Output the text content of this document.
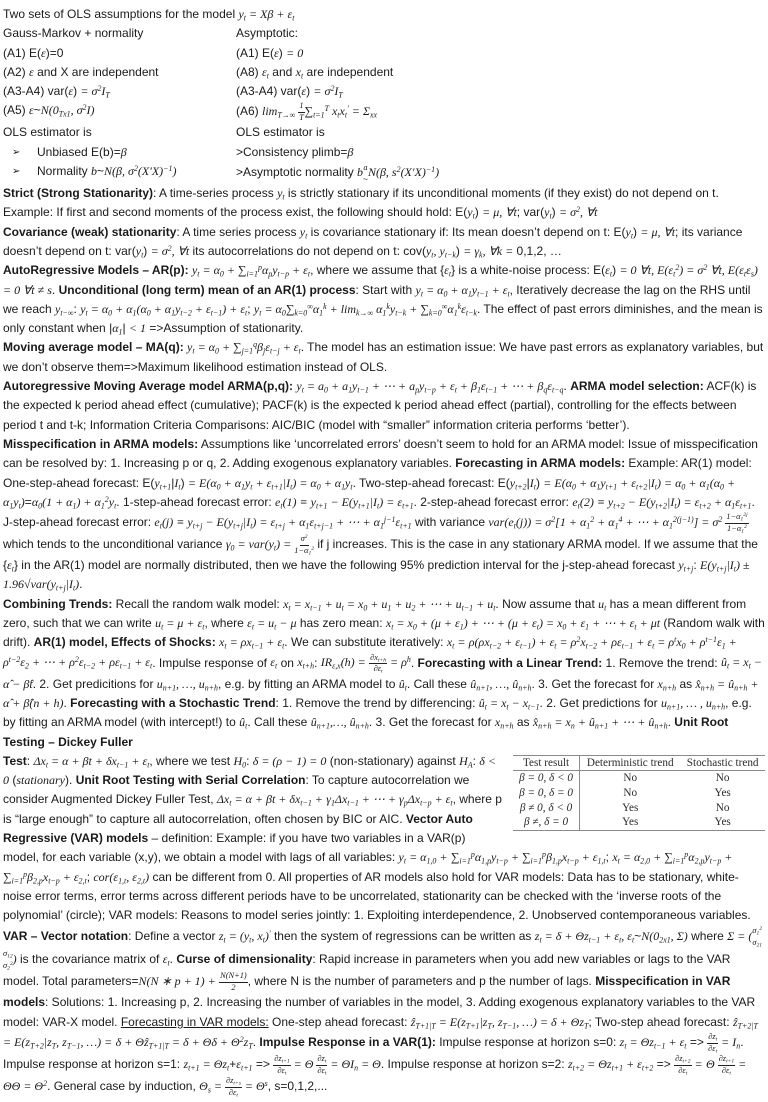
Two sets of OLS assumptions for the model $y_t = X\beta + \varepsilon_t$
Gauss-Markov + normality	Asymptotic:
(A1) E(ε)=0	(A1) E(ε) = 0
(A2) ε and X are independent	(A8) $\varepsilon_t$ and $x_t$ are independent
(A3-A4) $var(\varepsilon) = \sigma^2I_T$	(A3-A4) $var(\varepsilon) = \sigma^2I_T$
(A5) $\varepsilon\sim N(0_{Tx1}$, $\sigma^2I$)	(A6) $\lim_{T\to\infty} \frac{1}{T} \sum_{t=1}^T$ $x_tx_t' = \Sigma_{xx}$
OLS estimator is	OLS estimator is
➢	Unbiased E(b)=β	>Consistency plimb=β
➢	Normality b~N(β, $\sigma^2(X'X)^{-1}$)	>Asymptotic normality b a
~ N(β, $s^2(X'X)^{-1}$)
Strict (Strong Stationarity): A time-series process $y_t$ is strictly stationary if its unconditional moments (if they exist) do not depend on t. Example: If first and second moments of the process exist, the following should hold: $E(y_t) = \mu$, ∀t; $var(y_t) = \sigma^2$, ∀t
Covariance (weak) stationarity: A time series process $y_t$ is covariance stationary if: Its mean doesn’t depend on t: $E(y_t) = \mu$, ∀t; its variance doesn’t depend on t: $var(y_t) = \sigma^2$, ∀t its autocorrelations do not depend on t: $cov(y_t$, $y_{t-k}) = \gamma_k$, ∀k = 0,1,2, …
AutoRegressive Models – AR(p): $y_t = \alpha_0 + \sum_{i=1}^p\alpha_py_{t-p} + \varepsilon_t$, where we assume that $\{\varepsilon_t\}$ is a white-noise process: $E(\varepsilon_t) = 0$ ∀t, $E(\varepsilon_t^2) = \sigma^2$ ∀t, $E(\varepsilon_t\varepsilon_s) = 0$ ∀t ≠ s. Unconditional (long term) mean of an AR(1) process: Start with $y_t = \alpha_0 + \alpha_1y_{t-1} + \varepsilon_t$, Iteratively decrease the lag on the RHS until we reach $y_{t-\infty}$: $y_t = \alpha_0 + \alpha_1(\alpha_0 + \alpha_1y_{t-2} + \varepsilon_{t-1}) + \varepsilon_t$; $y_t = \alpha_0\sum_{k=0}^\infty\alpha_1^k + \lim_{k\to\infty} \alpha_1^ky_{t-k} + \sum_{k=0}^\infty\alpha_1^k\varepsilon_{t-k}$. The effect of past errors diminishes, and the mean is only constant when $|\alpha_1| < 1$ =>Assumption of stationarity.
Moving average model – MA(q): $y_t = \alpha_0 + \sum_{j=1}^q\beta_j\varepsilon_{t-j} + \varepsilon_t$. The model has an estimation issue: We have past errors as explanatory variables, but we don’t observe them=>Maximum likelihood estimation instead of OLS.
Autoregressive Moving Average model ARMA(p,q): $y_t = a_0 + a_1y_{t-1}$ + ⋯ + $a_py_{t-p} + \varepsilon_t + \beta_1\varepsilon_{t-1}$ + ⋯ + $\beta_q\varepsilon_{t-q}$. ARMA model selection: ACF(k) is the expected k period ahead effect (cumulative); PACF(k) is the expected k period ahead effect (partial), controlling for the effects between period t and t-k; Information Criteria Comparisons: AIC/BIC (model with “smaller” information criteria performs ‘better’).
Misspecification in ARMA models: Assumptions like ‘uncorrelated errors’ doesn’t seem to hold for an ARMA model: Issue of misspecification can be resolved by: 1. Increasing p or q, 2. Adding exogenous explanatory variables. Forecasting in ARMA models: Example: AR(1) model: One-step-ahead forecast: $E(y_{t+1}|I_t) = E(\alpha_0 + \alpha_1y_t + \varepsilon_{t+1}|I_t) = \alpha_0 + \alpha_1y_t$. Two-step-ahead forecast: $E(y_{t+2}|I_t) = E(\alpha_0 + \alpha_1y_{t+1} + \varepsilon_{t+2}|I_t) = \alpha_0 + \alpha_1(\alpha_0 + \alpha_1y_t)=\alpha_0(1 + \alpha_1) + \alpha_1^2y_t$. 1-step-ahead forecast error: $e_t(1) \equiv y_{t+1} - E(y_{t+1}|I_t) = \varepsilon_{t+1}$. 2-step-ahead forecast error: $e_t(2) \equiv y_{t+2} - E(y_{t+2}|I_t) = \varepsilon_{t+2} + \alpha_1\varepsilon_{t+1}$. J-step-ahead forecast error: $e_t(j) \equiv y_{t+j} - E(y_{t+j}|I_t) = \varepsilon_{t+j} + \alpha_1\varepsilon_{t+j-1}$ + ⋯ + $\alpha_1^{j-1}\varepsilon_{t+1}$ with variance $var(e_t(j)) = \sigma^2[1 + \alpha_1^2 + \alpha_1^4$ + ⋯ + $\alpha_1^{2(j-1)}] = \sigma^2 \frac{1-\alpha_1^{2j}}{1-\alpha_1^2}$
which tends to the unconditional variance $\gamma_0 = var(y_t) = \frac{\sigma^2}{1-\alpha_1^2}$ if j increases. This is the case in any stationary ARMA model. If we assume that the $\{\varepsilon_t\}$ in the AR(1) model are normally distributed, then we have the following 95% prediction interval for the j-step-ahead forecast $y_{t+j}$: $E(y_{t+j}|I_t) \pm 1.96√var(y_{t+j}|I_t)$.
Combining Trends: Recall the random walk model: $x_t = x_{t-1} + u_t = x_0 + u_1 + u_2$ + ⋯ + $u_{t-1} + u_t$. Now assume that $u_t$ has a mean different from zero, such that we can write $u_t = \mu + \varepsilon_t$, where $\varepsilon_t = u_t - \mu$ has zero mean: $x_t = x_0 + (\mu + \varepsilon_1)$ + ⋯ + $(\mu + \varepsilon_t) = x_0 + \varepsilon_1$ + ⋯ + $\varepsilon_t + \mu t$ (Random walk with drift). AR(1) model, Effects of Shocks: $x_t = \rho x_{t-1} + \varepsilon_t$. We can substitute iteratively: $x_t = \rho(\rho x_{t-2} + \varepsilon_{t-1}) + \varepsilon_t = \rho^2x_{t-2} + \rho\varepsilon_{t-1} + \varepsilon_t = \rho^tx_0 + \rho^{t-1}\varepsilon_1 + \rho^{t-2}\varepsilon_2$ + ⋯ + $\rho^2\varepsilon_{t-2} + \rho\varepsilon_{t-1} + \varepsilon_t$. Impulse response of $\varepsilon_t$ on $x_{t+h}$: $IR_{\varepsilon,x}(h) = \frac{\partial x_{t+h}}{\partial\varepsilon_t} = \rho^h$. Forecasting with a Linear Trend: 1. Remove the trend: $û_t = x_t$ − α̂ − β̂t. 2. Get predicitions for $u_{n+1}$, …, $u_{n+h}$, e.g. by fitting an ARMA model to $û_t$. Call these $û_{n+1}$, …, $û_{n+h}$. 3. Get the forecast for $x_{n+h}$ as $x̂_{n+h}$ = $û_{n+h}$ + α̂ + β̂(n + h). Forecasting with a Stochastic Trend: 1. Remove the trend by differencing: $û_t = x_t - x_{t-1}$. 2. Get predictions for $u_{n+1}$, … , $u_{n+h}$, e.g. by fitting an ARMA model (with intercept!) to $û_t$. Call these $û_{n+1},\dots$, $û_{n+h}$. 3. Get the forecast for $x_{n+h}$ as $x̂_{n+h} = x_n$ + $û_{n+1}$ + ⋯ + $û_{n+h}$. Unit Root Testing – Dickey Fuller
Test result	Deterministic trend	Stochastic trend
β = 0, δ < 0	No	No
β = 0, δ = 0	No	Yes
β ≠ 0, δ < 0	Yes	No
β ≠, δ = 0	Yes	Yes
Test: $\Delta x_t = \alpha + \beta t + \delta x_{t-1} + \varepsilon_t$, where we test $H_0$: δ = (ρ − 1) = 0 (non-stationary) against $H_A$: δ < 0 (stationary). Unit Root Testing with Serial Correlation: To capture autocorrelation we consider Augmented Dickey Fuller Test, $\Delta x_t = \alpha + \beta t + \delta x_{t-1} + \gamma_1\Delta x_{t-1}$ + ⋯ + $\gamma_p\Delta x_{t-p} + \varepsilon_t$, where p is “large enough” to capture all autocorrelation, often chosen by BIC or AIC. Vector Auto Regressive (VAR) models – definition: Example: if you have two variables in a VAR(p) model, for each variable (x,y), we obtain a model with lags of all variables: $y_t = \alpha_{1,0} + \sum_{i=1}^p\alpha_{1,p}y_{t-p} + \sum_{i=1}^p\beta_{1,p}x_{t-p} + \varepsilon_{1,t}$; $x_t = \alpha_{2,0} + \sum_{i=1}^p\alpha_{2,p}y_{t-p} + \sum_{i=1}^p\beta_{2,p}x_{t-p} + \varepsilon_{2,t}$; $cor(\varepsilon_{1,t}$, $\varepsilon_{2,t}$) can be different from 0. All properties of AR models also hold for VAR models: Data has to be stationary, white-noise error terms, error terms across different periods have to be uncorrelated, stationarity can be checked with the ‘inverse roots of the polynomial’ (circle); VAR models: Reasons to model series jointly: 1. Exploiting interdependence, 2. Unobserved contemporaneous variables. VAR – Vector notation: Define a vector $z_t = (y_t$, $x_t)'$ then the system of regressions can be written as $z_t = \delta + \Theta z_{t-1} + \varepsilon_t$, $\varepsilon_t\sim N(0_{2x1}$, Σ) where Σ = ( $\sigma_1^2$
$\sigma_{21}$

$\sigma_{12}$
$\sigma_2^2$ ) is the covariance matrix of $\varepsilon_t$. Curse of dimensionality: Rapid increase in parameters when you add new variables or lags to the VAR model. Total parameters=N(N ∗ $p + 1) + \frac{N(N+1)}{2}$ , where N is the number of parameters and p the number of lags. Misspecification in VAR models: Solutions: 1. Increasing p, 2. Increasing the number of variables in the model, 3. Adding exogenous explanatory variables to the VAR model: VAR-X model. Forecasting in VAR models: One-step ahead forecast: ẑ$_{T+1|T}$ = $E(z_{T+1}|z_T$, $z_{T-1}$, …) = $\delta + \Theta z_T$; Two-step ahead forecast: ẑ$_{T+2|T}$ = $E(z_{T+2}|z_T$, $z_{T-1}$, …) = δ + Θẑ$_{T+1|T}$ = $\delta + \Theta\delta + \Theta^2z_T$. Impulse Response in a VAR(1): Impulse response at horizon s=0: $z_t = \Theta z_{t-1} + \varepsilon_t => \frac{\partial z_t}{\partial\varepsilon_t} = I_n$. Impulse response at horizon s=1: $z_{t+1} = \Theta z_t+\varepsilon_{t+1} => \frac{\partial z_{t+1}}{\partial\varepsilon_t} = \Theta \frac{\partial z_t}{\partial\varepsilon_t} = \Theta I_n = \Theta$. Impulse response at horizon s=2: $z_{t+2} = \Theta z_{t+1} + \varepsilon_{t+2} => \frac{\partial z_{t+2}}{\partial\varepsilon_t} = \Theta \frac{\partial z_{t+1}}{\partial\varepsilon_t} = \Theta\Theta = \Theta^2$. General case by induction, $\Theta_s = \frac{\partial z_{t+s}}{\partial\varepsilon_t} = \Theta^s$, s=0,1,2,...
